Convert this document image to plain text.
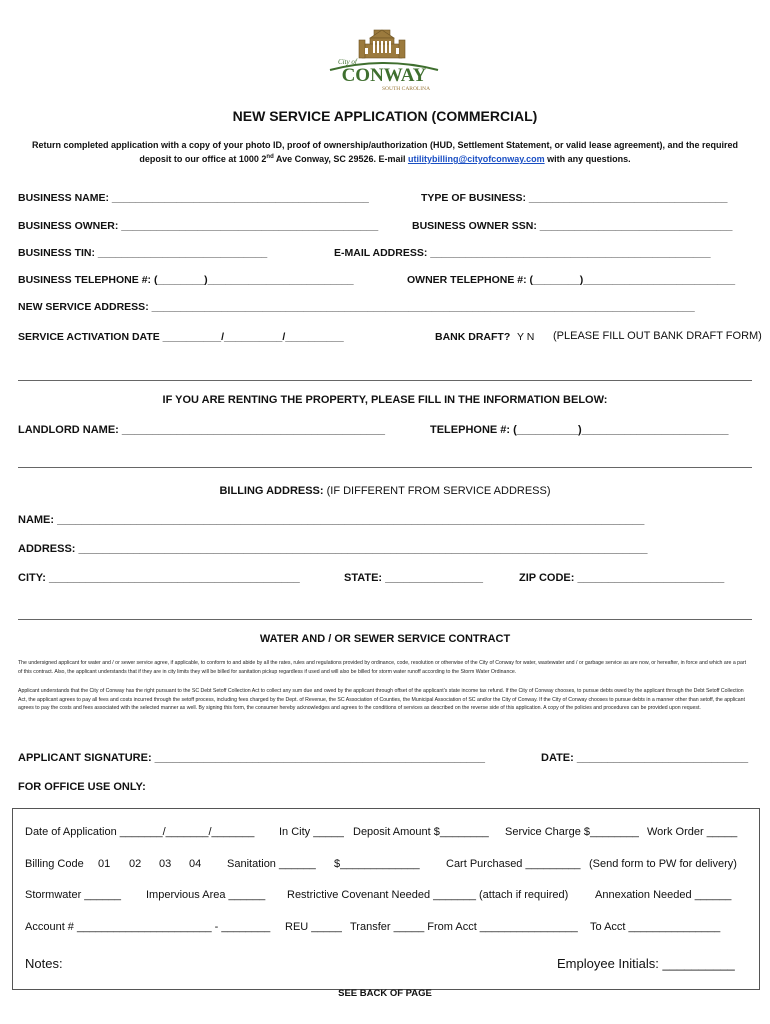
City of
CONWAY
SOUTH CAROLINA
NEW SERVICE APPLICATION (COMMERCIAL)
Return completed application with a copy of your photo ID, proof of ownership/authorization (HUD, Settlement Statement, or valid lease agreement), and the required
deposit to our office at 1000 2nd Ave Conway, SC 29526. E-mail utilitybilling@cityofconway.com with any questions.
BUSINESS NAME: ____________________________________________	TYPE OF BUSINESS: __________________________________
BUSINESS OWNER: ____________________________________________	BUSINESS OWNER SSN: _________________________________
BUSINESS TIN: _____________________________	E-MAIL ADDRESS: ________________________________________________
BUSINESS TELEPHONE #: (________)_________________________	OWNER TELEPHONE #: (________)__________________________
NEW SERVICE ADDRESS: _____________________________________________________________________________________________
SERVICE ACTIVATION DATE __________/__________/__________	BANK DRAFT? Y N (PLEASE FILL OUT BANK DRAFT FORM)
IF YOU ARE RENTING THE PROPERTY, PLEASE FILL IN THE INFORMATION BELOW:
LANDLORD NAME: ___________________________________________	TELEPHONE #: (__________)________________________
BILLING ADDRESS: (IF DIFFERENT FROM SERVICE ADDRESS)
NAME: ________________________________________________________________________________________________
ADDRESS: _____________________________________________________________________________________________
CITY: _________________________________________	STATE: ________________	ZIP CODE: ________________________
WATER AND / OR SEWER SERVICE CONTRACT
The undersigned applicant for water and / or sewer service agree, if applicable, to conform to and abide by all the rates, rules and regulations provided by ordinance, code, resolution or otherwise of the City of Conway for water, wastewater and / or garbage service as are now, or hereafter, in force and which are a part of this contract. Also, the applicant understands that if they are in city limits they will be billed for sanitation pickup regardless if used and will also be billed for storm water runoff according to the Storm Water Ordinance.
Applicant understands that the City of Conway has the right pursuant to the SC Debt Setoff Collection Act to collect any sum due and owed by the applicant through offset of the applicant's state income tax refund. If the City of Conway chooses, to pursue debts owed by the applicant through the Debt Setoff Collection Act, the applicant agrees to pay all fees and costs incurred through the setoff process, including fees charged by the Dept. of Revenue, the SC Association of Counties, the Municipal Association of SC and/or the City of Conway. If the City of Conway chooses to pursue debts in a manner other than setoff, the applicant agrees to pay the costs and fees associated with the selected manner as well. By signing this form, the consumer hereby acknowledges and agrees to the conditions of services as described on the reverse side of this application. A copy of the policies and procedures can be provided upon request.
APPLICANT SIGNATURE: ______________________________________________________	DATE: ____________________________
FOR OFFICE USE ONLY:
Date of Application _______/_______/_______ In City _____ Deposit Amount $________ Service Charge $________ Work Order _____
Billing Code 01 02 03 04 Sanitation ______ $_____________ Cart Purchased _________ (Send form to PW for delivery)
Stormwater ______ Impervious Area ______ Restrictive Covenant Needed _______ (attach if required) Annexation Needed ______
Account # ______________________ - ________ REU _____ Transfer _____ From Acct ________________ To Acct _______________
Notes:	Employee Initials: __________
SEE BACK OF PAGE
